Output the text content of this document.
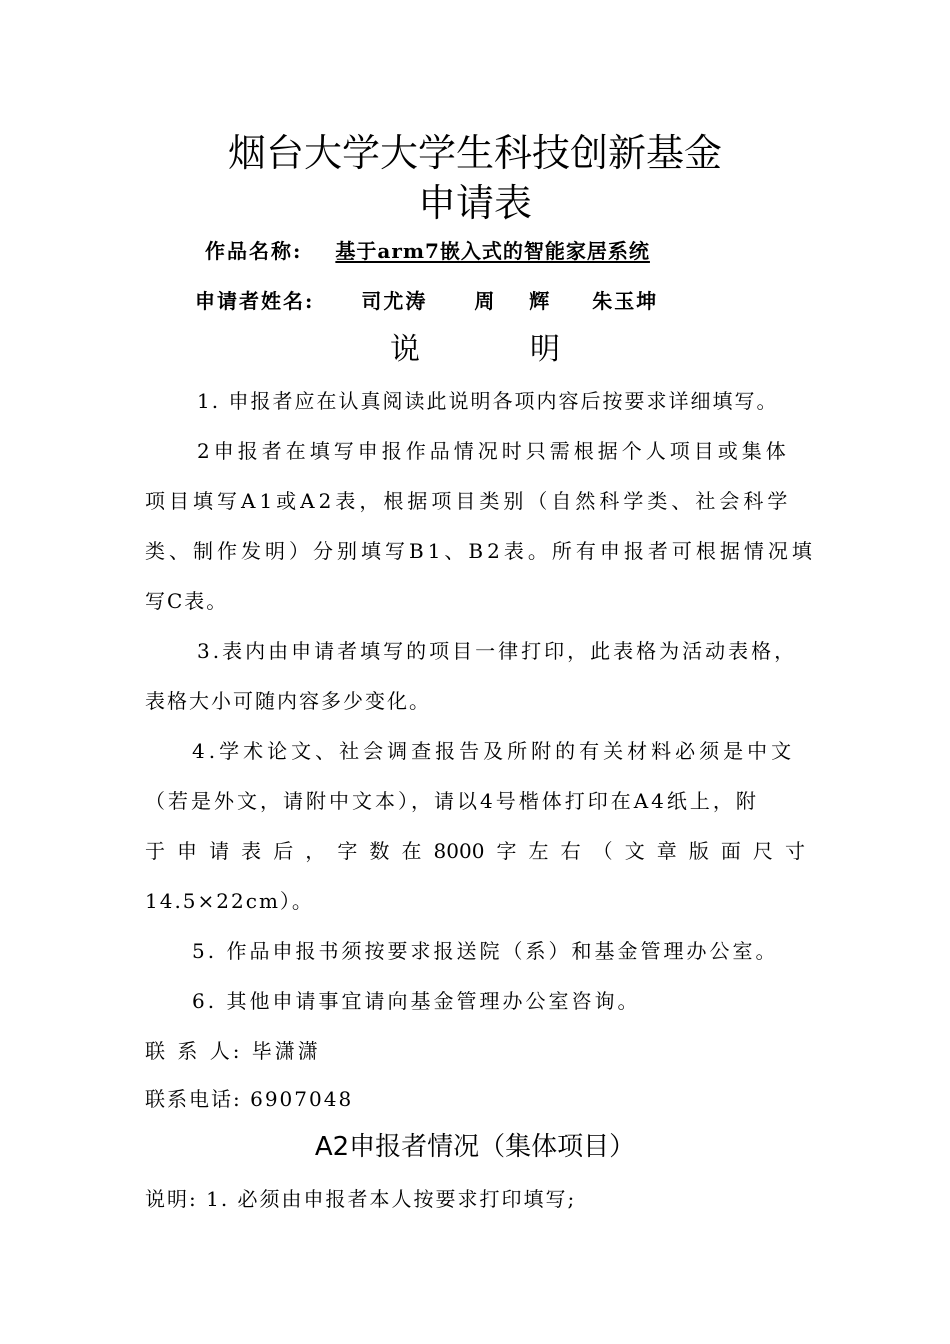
烟台大学大学生科技创新基金
申请表
作品名称: 基于arm7嵌入式的智能家居系统
申请者姓名: 司尤涛 周 辉 朱玉坤
说	明
1. 申报者应在认真阅读此说明各项内容后按要求详细填写。
2申报者在填写申报作品情况时只需根据个人项目或集体
项目填写A1或A2表，根据项目类别（自然科学类、社会科学
类、制作发明）分别填写B1、B2表。所有申报者可根据情况填
写C表。
3.表内由申请者填写的项目一律打印，此表格为活动表格，
表格大小可随内容多少变化。
4.学术论文、社会调查报告及所附的有关材料必须是中文
（若是外文，请附中文本），请以4号楷体打印在A4纸上，附
于申请表后，字数在8000字左右（文章版面尺寸
14.5×22cm）。
5. 作品申报书须按要求报送院（系）和基金管理办公室。
6. 其他申请事宜请向基金管理办公室咨询。
联 系 人: 毕潇潇
联系电话: 6907048
A2申报者情况（集体项目）
说明: 1. 必须由申报者本人按要求打印填写;
